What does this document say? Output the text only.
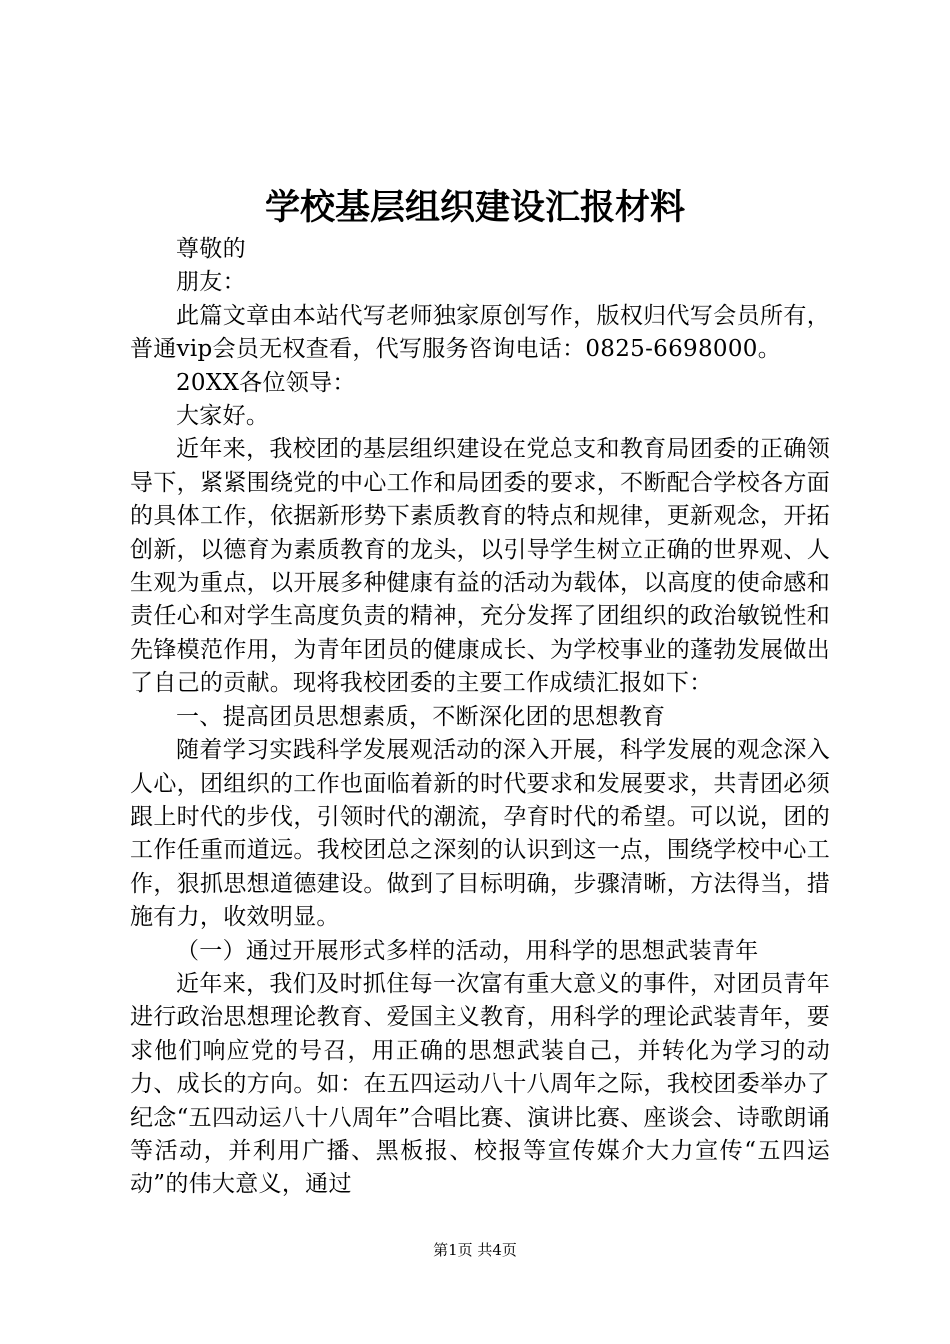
学校基层组织建设汇报材料

尊敬的

朋友：

此篇文章由本站代写老师独家原创写作，版权归代写会员所有，普通vip会员无权查看，代写服务咨询电话：0825-6698000。

20XX各位领导：

大家好。

近年来，我校团的基层组织建设在党总支和教育局团委的正确领导下，紧紧围绕党的中心工作和局团委的要求，不断配合学校各方面的具体工作，依据新形势下素质教育的特点和规律，更新观念，开拓创新，以德育为素质教育的龙头，以引导学生树立正确的世界观、人生观为重点，以开展多种健康有益的活动为载体，以高度的使命感和责任心和对学生高度负责的精神，充分发挥了团组织的政治敏锐性和先锋模范作用，为青年团员的健康成长、为学校事业的蓬勃发展做出了自己的贡献。现将我校团委的主要工作成绩汇报如下：

一、提高团员思想素质，不断深化团的思想教育

随着学习实践科学发展观活动的深入开展，科学发展的观念深入人心，团组织的工作也面临着新的时代要求和发展要求，共青团必须跟上时代的步伐，引领时代的潮流，孕育时代的希望。可以说，团的工作任重而道远。我校团总之深刻的认识到这一点，围绕学校中心工作，狠抓思想道德建设。做到了目标明确，步骤清晰，方法得当，措施有力，收效明显。

（一）通过开展形式多样的活动，用科学的思想武装青年

近年来，我们及时抓住每一次富有重大意义的事件，对团员青年进行政治思想理论教育、爱国主义教育，用科学的理论武装青年，要求他们响应党的号召，用正确的思想武装自己，并转化为学习的动力、成长的方向。如：在五四运动八十八周年之际，我校团委举办了纪念“五四动运八十八周年”合唱比赛、演讲比赛、座谈会、诗歌朗诵等活动，并利用广播、黑板报、校报等宣传媒介大力宣传“五四运动”的伟大意义，通过

第1页 共4页
